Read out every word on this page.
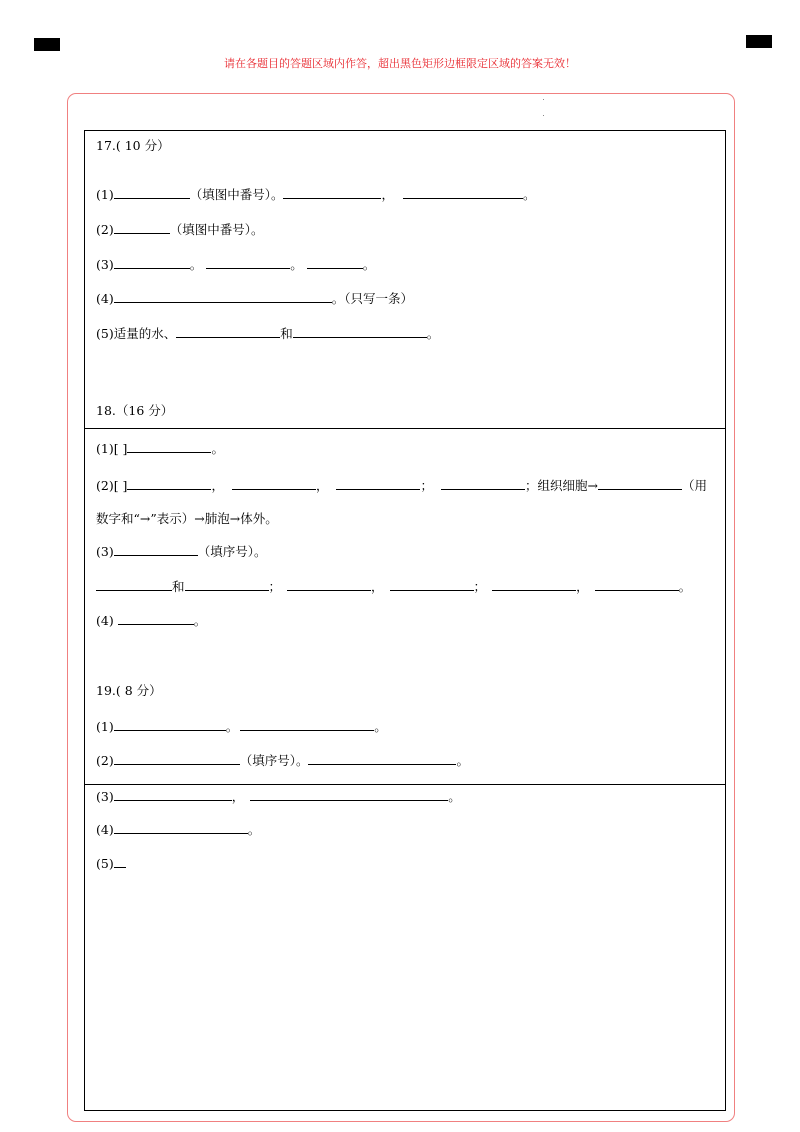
请在各题目的答题区域内作答，超出黑色矩形边框限定区域的答案无效！
17.( 10 分）
(1)	（填图中番号）。	，	。
(2)	（填图中番号）。
(3)	。	。	。
(4)	。（只写一条）
(5)适量的水、	和	。
18.（16 分）
(1)[ ]	。
(2)[ ]	，	，	；	；组织细胞→	（用
数字和“→”表示）→肺泡→体外。
(3)	（填序号）。
和	；	，	；	，	。
(4)	。
19.( 8 分）
(1)	。	。
(2)	（填序号）。	。
(3)	，	。
(4)	。
(5)
